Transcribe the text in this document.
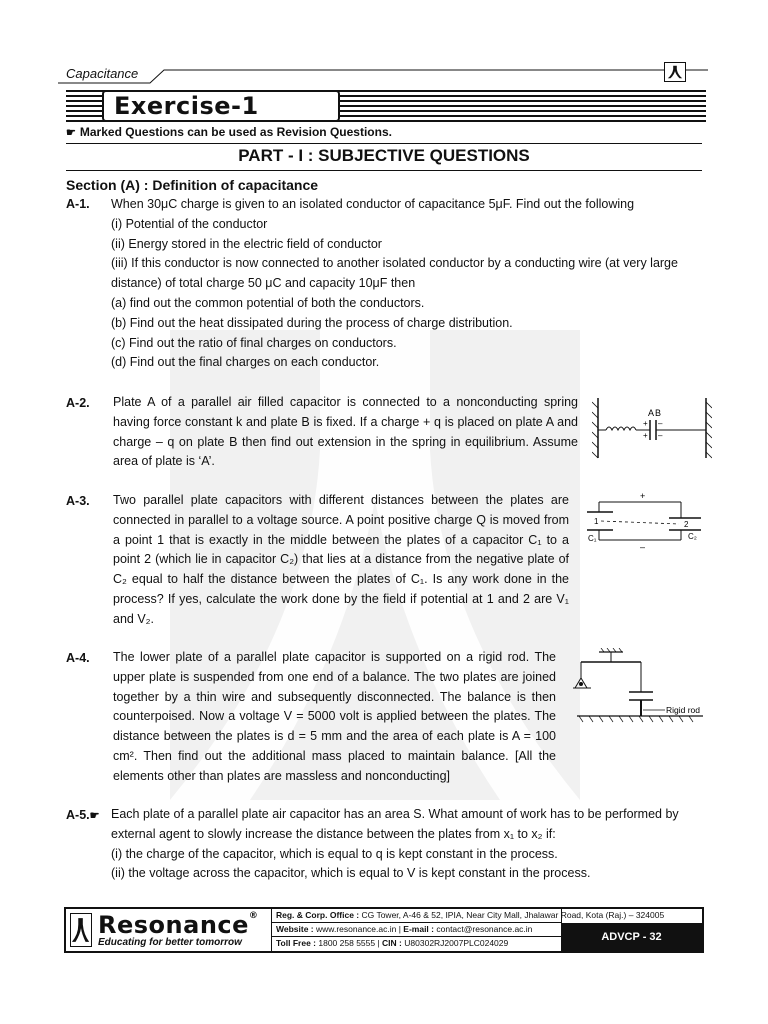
Capacitance
Exercise-1
☛ Marked Questions can be used as Revision Questions.
PART - I : SUBJECTIVE QUESTIONS
Section (A) : Definition of capacitance
A-1. When 30μC charge is given to an isolated conductor of capacitance 5μF. Find out the following
(i) Potential of the conductor
(ii) Energy stored in the electric field of conductor
(iii) If this conductor is now connected to another isolated conductor by a conducting wire (at very large
distance) of total charge 50 μC and capacity 10μF then
(a) find out the common potential of both the conductors.
(b) Find out the heat dissipated during the process of charge distribution.
(c) Find out the ratio of final charges on conductors.
(d) Find out the final charges on each conductor.
A-2. Plate A of a parallel air filled capacitor is connected to a nonconducting spring having force constant k and plate B is fixed. If a charge + q is placed on plate A and charge – q on plate B then find out extension in the spring in equilibrium. Assume area of plate is ‘A’.
A B
+
+
–
–
A-3. Two parallel plate capacitors with different distances between the plates are connected in parallel to a voltage source. A point positive charge Q is moved from a point 1 that is exactly in the middle between the plates of a capacitor C₁ to a point 2 (which lie in capacitor C₂) that lies at a distance from the negative plate of C₂ equal to half the distance between the plates of C₁. Is any work done in the process? If yes, calculate the work done by the field if potential at 1 and 2 are V₁ and V₂.
+
–
1	2
C₁	C₂
A-4. The lower plate of a parallel plate capacitor is supported on a rigid rod. The upper plate is suspended from one end of a balance. The two plates are joined together by a thin wire and subsequently disconnected. The balance is then counterpoised. Now a voltage V = 5000 volt is applied between the plates. The distance between the plates is d = 5 mm and the area of each plate is A = 100 cm². Then find out the additional mass placed to maintain balance. [All the elements other than plates are massless and nonconducting]
Rigid rod
A-5.☛ Each plate of a parallel plate air capacitor has an area S. What amount of work has to be performed by
external agent to slowly increase the distance between the plates from x₁ to x₂ if:
(i) the charge of the capacitor, which is equal to q is kept constant in the process.
(ii) the voltage across the capacitor, which is equal to V is kept constant in the process.
Resonance®
Educating for better tomorrow
Reg. & Corp. Office : CG Tower, A-46 & 52, IPIA, Near City Mall, Jhalawar Road, Kota (Raj.) – 324005
Website : www.resonance.ac.in | E-mail : contact@resonance.ac.in
Toll Free : 1800 258 5555 | CIN : U80302RJ2007PLC024029	ADVCP - 32
